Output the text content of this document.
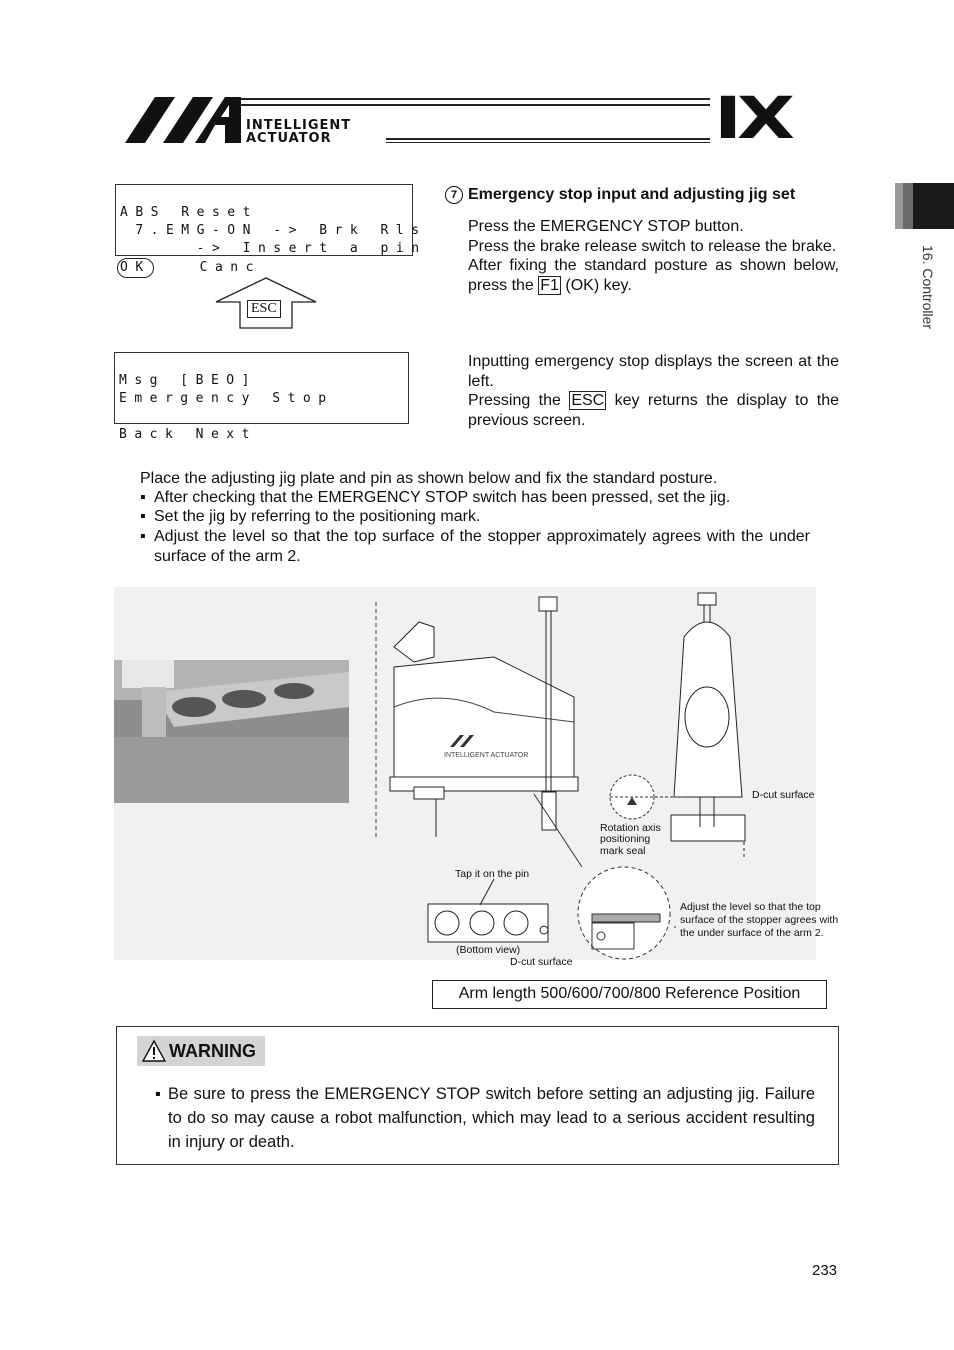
INTELLIGENT
ACTUATOR	IX
16. Controller

ABS Reset
7.EMG-ON -> Brk Rls
-> Insert a pin
OK   Canc

ESC

Msg [BEO]
Emergency Stop
Back Next

7 Emergency stop input and adjusting jig set
Press the EMERGENCY STOP button.
Press the brake release switch to release the brake.
After fixing the standard posture as shown below, press the F1 (OK) key.
Inputting emergency stop displays the screen at the left.
Pressing the ESC key returns the display to the previous screen.
Place the adjusting jig plate and pin as shown below and fix the standard posture.
▪ After checking that the EMERGENCY STOP switch has been pressed, set the jig.
▪ Set the jig by referring to the positioning mark.
▪ Adjust the level so that the top surface of the stopper approximately agrees with the under surface of the arm 2.
INTELLIGENT ACTUATOR
D-cut surface
Rotation axis
positioning
mark seal
Tap it on the pin
(Bottom view)
D-cut surface
Adjust the level so that the top
surface of the stopper agrees with
the under surface of the arm 2.
Arm length 500/600/700/800 Reference Position
WARNING
▪ Be sure to press the EMERGENCY STOP switch before setting an adjusting jig. Failure to do so may cause a robot malfunction, which may lead to a serious accident resulting in injury or death.
233
